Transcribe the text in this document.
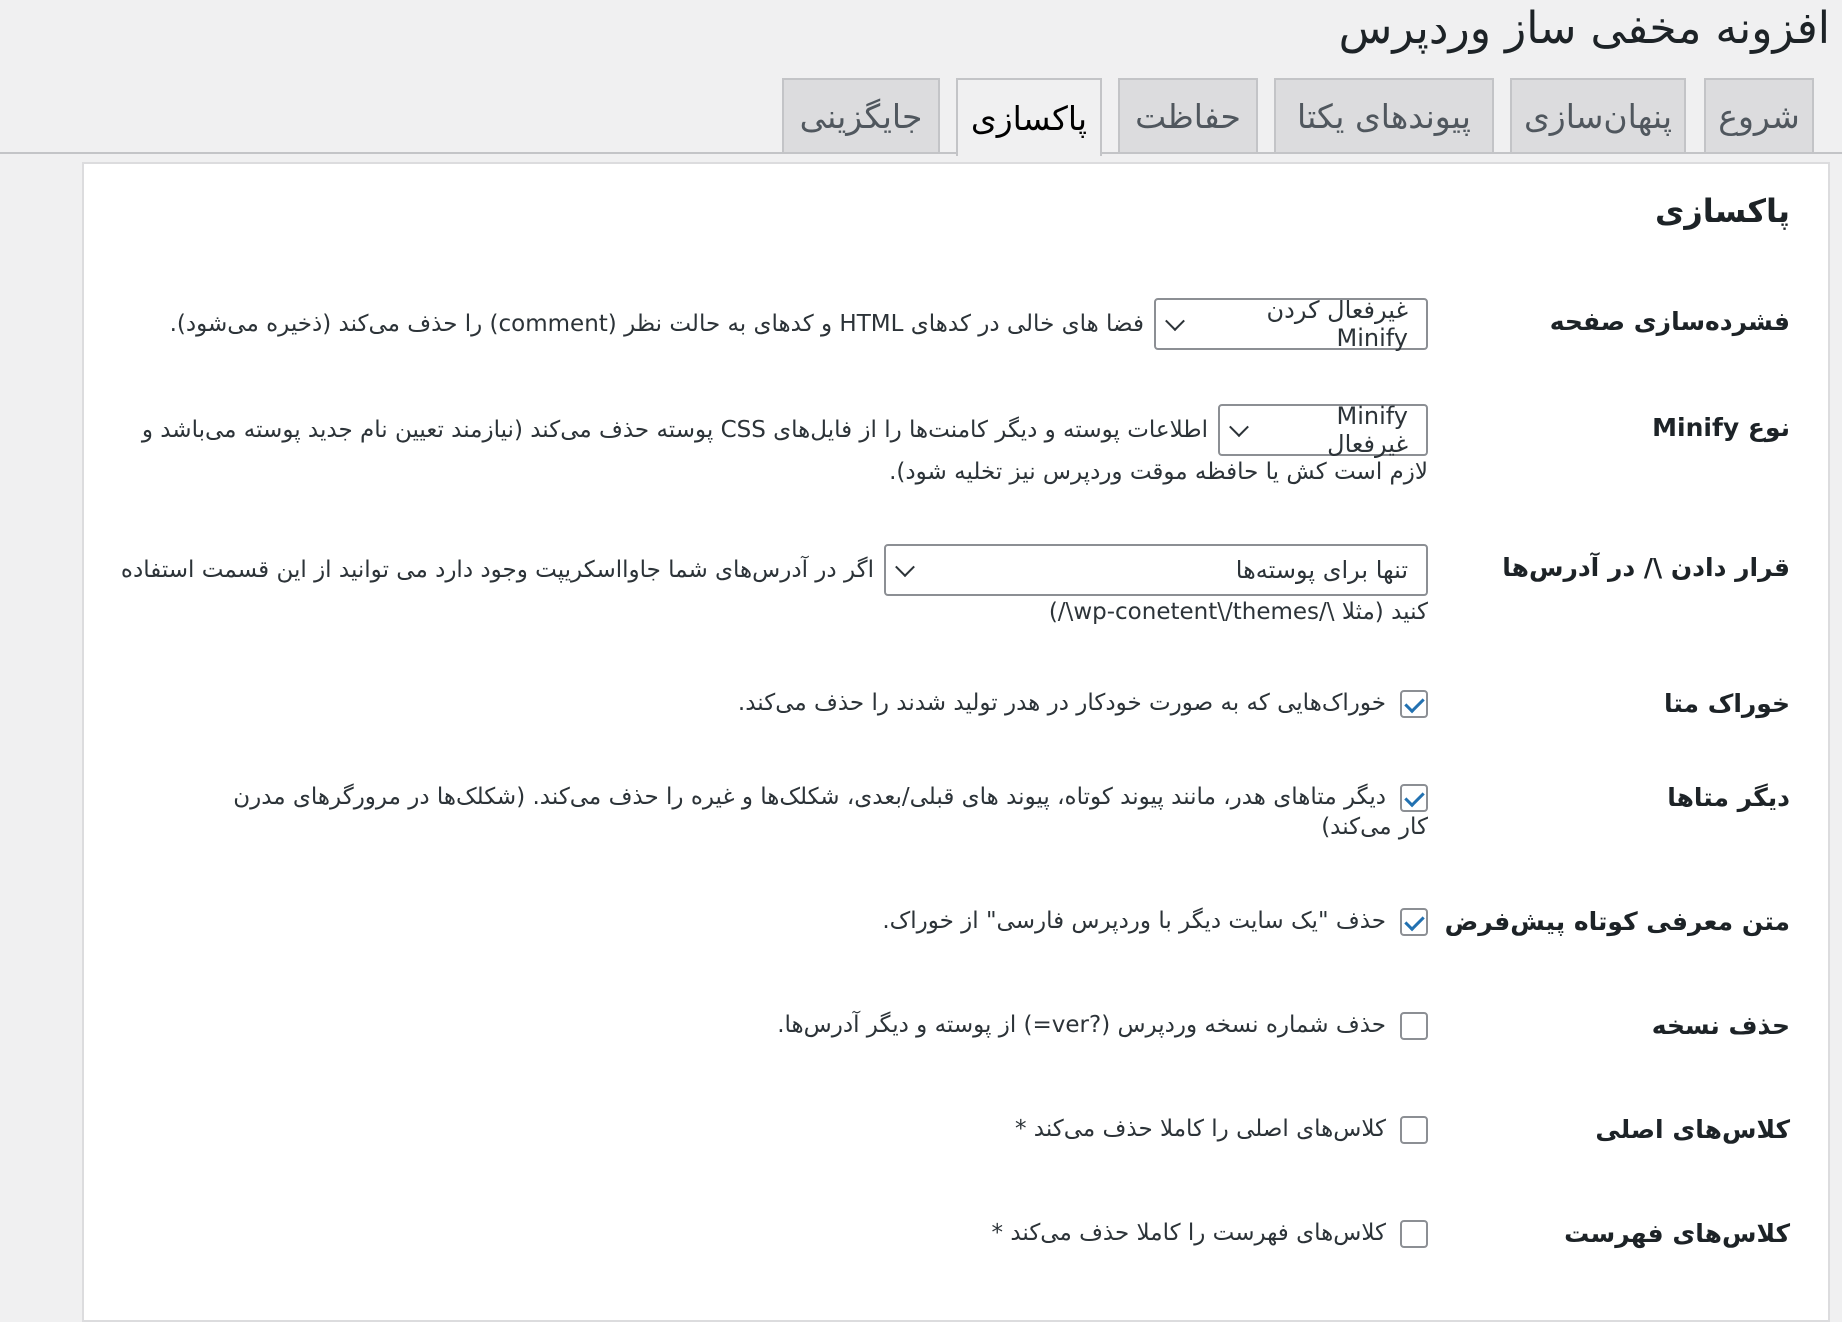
افزونه مخفی ساز وردپرس
شروع
پنهان‌سازی
پیوندهای یکتا
حفاظت
پاکسازی
جایگزینی
پاکسازی
فشرده‌سازی صفحه
غیرفعال کردن Minify
فضا های خالی در کدهای HTML و کدهای به حالت نظر (comment) را حذف می‌کند (ذخیره می‌شود).
نوع Minify
Minify غیرفعال
اطلاعات پوسته و دیگر کامنت‌ها را از فایل‌های CSS پوسته حذف می‌کند (نیازمند تعیین نام جدید پوسته می‌باشد و
لازم است کش یا حافظه موقت وردپرس نیز تخلیه شود).
قرار دادن \/ در آدرس‌ها
تنها برای پوسته‌ها
اگر در آدرس‌های شما جاوااسکریپت وجود دارد می توانید از این قسمت استفاده
کنید (مثلا \/wp-conetent\/themes\/)
خوراک متا
خوراک‌هایی که به صورت خودکار در هدر تولید شدند را حذف می‌کند.
دیگر متاها
دیگر متاهای هدر، مانند پیوند کوتاه، پیوند های قبلی/بعدی، شکلک‌ها و غیره را حذف می‌کند. (شکلک‌ها در مرورگرهای مدرن
کار می‌کند)
متن معرفی کوتاه پیش‌فرض
حذف "یک سایت دیگر با وردپرس فارسی" از خوراک.
حذف نسخه
حذف شماره نسخه وردپرس (?ver=) از پوسته و دیگر آدرس‌ها.
کلاس‌های اصلی
کلاس‌های اصلی را کاملا حذف می‌کند *
کلاس‌های فهرست
کلاس‌های فهرست را کاملا حذف می‌کند *
